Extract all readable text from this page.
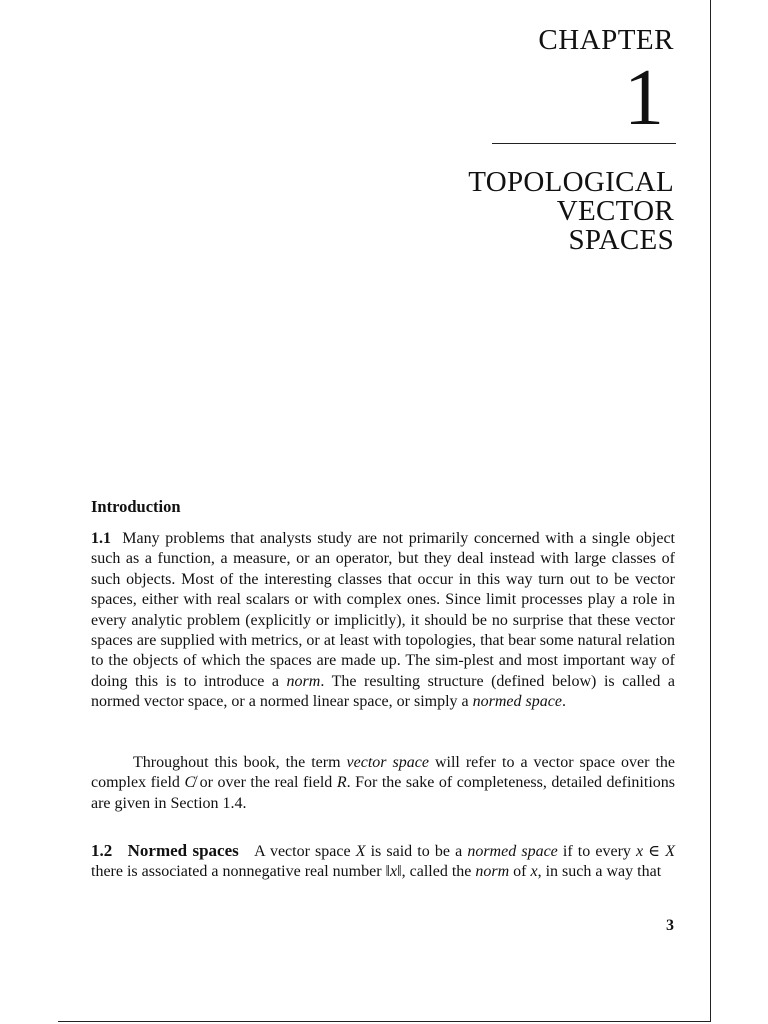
CHAPTER
1
TOPOLOGICAL
VECTOR
SPACES
Introduction
1.1 Many problems that analysts study are not primarily concerned with a single object such as a function, a measure, or an operator, but they deal instead with large classes of such objects. Most of the interesting classes that occur in this way turn out to be vector spaces, either with real scalars or with complex ones. Since limit processes play a role in every analytic problem (explicitly or implicitly), it should be no surprise that these vector spaces are supplied with metrics, or at least with topologies, that bear some natural relation to the objects of which the spaces are made up. The sim-plest and most important way of doing this is to introduce a norm. The resulting structure (defined below) is called a normed vector space, or a normed linear space, or simply a normed space.
Throughout this book, the term vector space will refer to a vector space over the complex field C̸ or over the real field R. For the sake of completeness, detailed definitions are given in Section 1.4.
1.2 Normed spaces A vector space X is said to be a normed space if to every x ∈ X there is associated a nonnegative real number ‖x‖, called the norm of x, in such a way that
3
